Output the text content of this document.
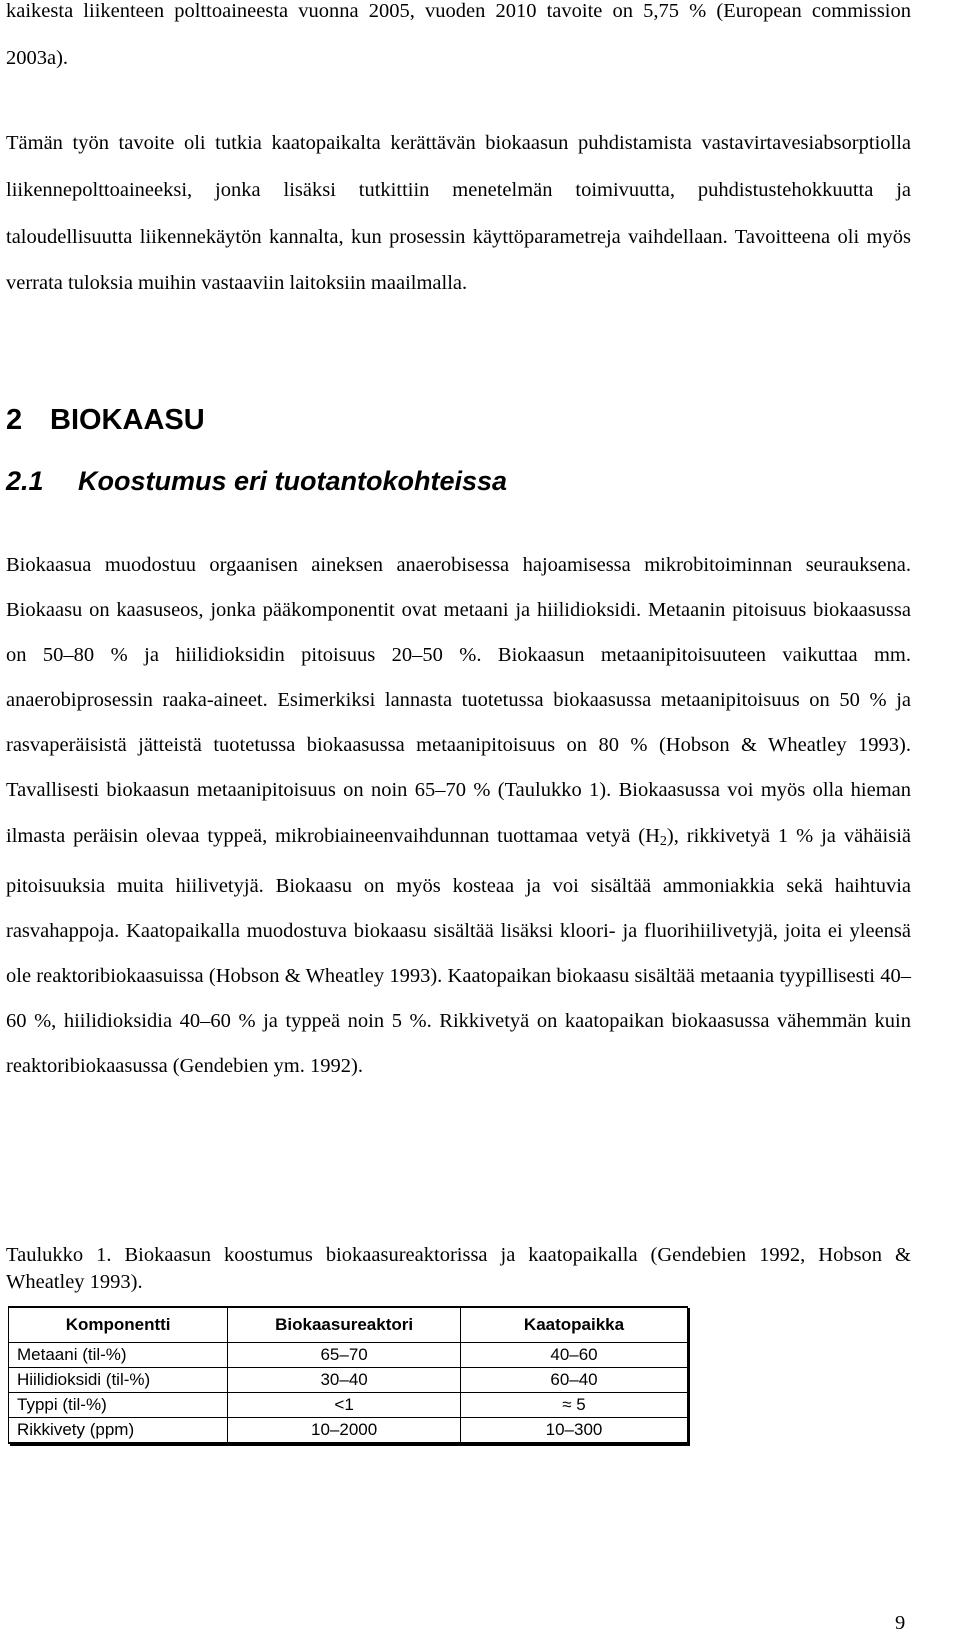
kaikesta liikenteen polttoaineesta vuonna 2005, vuoden 2010 tavoite on 5,75 % (European commission 2003a).

Tämän työn tavoite oli tutkia kaatopaikalta kerättävän biokaasun puhdistamista vastavirtavesiabsorptiolla liikennepolttoaineeksi, jonka lisäksi tutkittiin menetelmän toimivuutta, puhdistustehokkuutta ja taloudellisuutta liikennekäytön kannalta, kun prosessin käyttöparametreja vaihdellaan. Tavoitteena oli myös verrata tuloksia muihin vastaaviin laitoksiin maailmalla.

2 BIOKAASU
2.1 Koostumus eri tuotantokohteissa

Biokaasua muodostuu orgaanisen aineksen anaerobisessa hajoamisessa mikrobitoiminnan seurauksena. Biokaasu on kaasuseos, jonka pääkomponentit ovat metaani ja hiilidioksidi. Metaanin pitoisuus biokaasussa on 50–80 % ja hiilidioksidin pitoisuus 20–50 %. Biokaasun metaanipitoisuuteen vaikuttaa mm. anaerobiprosessin raaka-aineet. Esimerkiksi lannasta tuotetussa biokaasussa metaanipitoisuus on 50 % ja rasvaperäisistä jätteistä tuotetussa biokaasussa metaanipitoisuus on 80 % (Hobson & Wheatley 1993). Tavallisesti biokaasun metaanipitoisuus on noin 65–70 % (Taulukko 1). Biokaasussa voi myös olla hieman ilmasta peräisin olevaa typpeä, mikrobiaineenvaihdunnan tuottamaa vetyä $(H_2)$, rikkivetyä 1 % ja vähäisiä pitoisuuksia muita hiilivetyjä. Biokaasu on myös kosteaa ja voi sisältää ammoniakkia sekä haihtuvia rasvahappoja. Kaatopaikalla muodostuva biokaasu sisältää lisäksi kloori- ja fluorihiilivetyjä, joita ei yleensä ole reaktoribiokaasuissa (Hobson & Wheatley 1993). Kaatopaikan biokaasu sisältää metaania tyypillisesti 40–60 %, hiilidioksidia 40–60 % ja typpeä noin 5 %. Rikkivetyä on kaatopaikan biokaasussa vähemmän kuin reaktoribiokaasussa (Gendebien ym. 1992).

Taulukko 1. Biokaasun koostumus biokaasureaktorissa ja kaatopaikalla (Gendebien 1992, Hobson & Wheatley 1993).

Komponentti	Biokaasureaktori	Kaatopaikka
Metaani (til-%)	65–70	40–60
Hiilidioksidi (til-%)	30–40	60–40
Typpi (til-%)	<1	≈ 5
Rikkivety (ppm)	10–2000	10–300

9
